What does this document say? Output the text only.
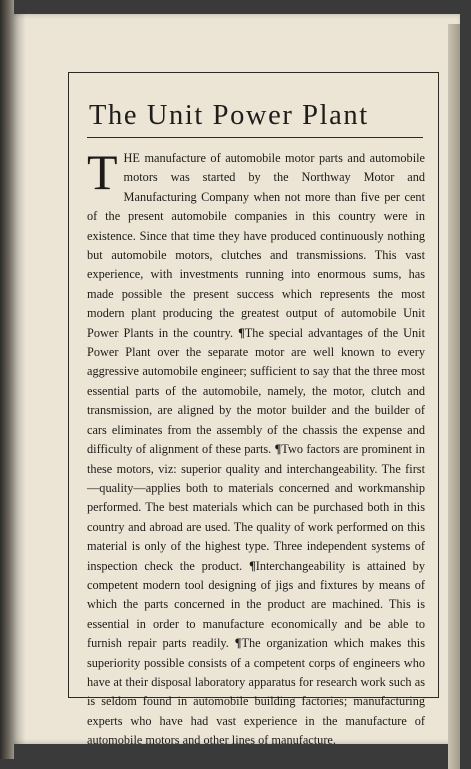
The Unit Power Plant
THE manufacture of automobile motor parts and automobile motors was started by the Northway Motor and Manufacturing Company when not more than five per cent of the present automobile companies in this country were in existence. Since that time they have produced continuously nothing but automobile motors, clutches and transmissions. This vast experience, with investments running into enormous sums, has made possible the present success which represents the most modern plant producing the greatest output of automobile Unit Power Plants in the country. ¶The special advantages of the Unit Power Plant over the separate motor are well known to every aggressive automobile engineer; sufficient to say that the three most essential parts of the automobile, namely, the motor, clutch and transmission, are aligned by the motor builder and the builder of cars eliminates from the assembly of the chassis the expense and difficulty of alignment of these parts. ¶Two factors are prominent in these motors, viz: superior quality and interchangeability. The first—quality—applies both to materials concerned and workmanship performed. The best materials which can be purchased both in this country and abroad are used. The quality of work performed on this material is only of the highest type. Three independent systems of inspection check the product. ¶Interchangeability is attained by competent modern tool designing of jigs and fixtures by means of which the parts concerned in the product are machined. This is essential in order to manufacture economically and be able to furnish repair parts readily. ¶The organization which makes this superiority possible consists of a competent corps of engineers who have at their disposal laboratory apparatus for research work such as is seldom found in automobile building factories; manufacturing experts who have had vast experience in the manufacture of automobile motors and other lines of manufacture.
